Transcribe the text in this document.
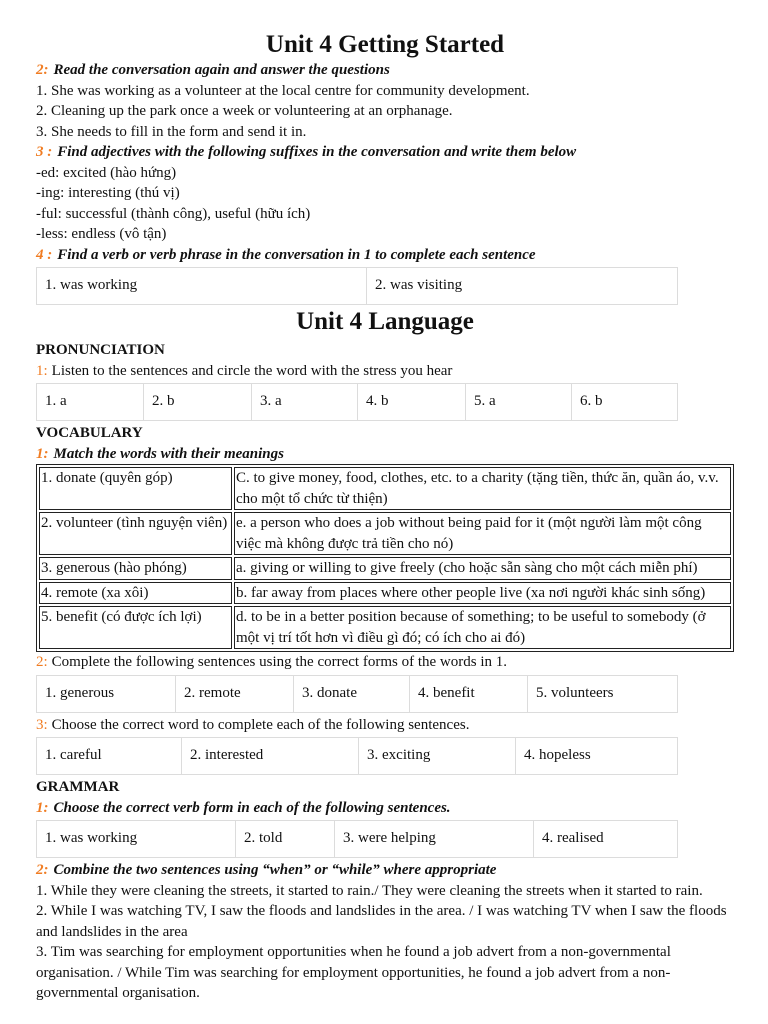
Unit 4 Getting Started

2: Read the conversation again and answer the questions

1. She was working as a volunteer at the local centre for community development.

2. Cleaning up the park once a week or volunteering at an orphanage.

3. She needs to fill in the form and send it in.

3 : Find adjectives with the following suffixes in the conversation and write them below

-ed: excited (hào hứng)

-ing: interesting (thú vị)

-ful: successful (thành công), useful (hữu ích)

-less: endless (vô tận)

4 : Find a verb or verb phrase in the conversation in 1 to complete each sentence

1. was working	2. was visiting
Unit 4 Language

PRONUNCIATION

1: Listen to the sentences and circle the word with the stress you hear

1. a	2. b	3. a	4. b	5. a	6. b

VOCABULARY

1: Match the words with their meanings

1. donate (quyên góp)	C. to give money, food, clothes, etc. to a charity (tặng tiền, thức ăn, quần áo, v.v. cho một tổ chức từ thiện)
2. volunteer (tình nguyện viên)	e. a person who does a job without being paid for it (một người làm một công việc mà không được trả tiền cho nó)
3. generous (hào phóng)	a. giving or willing to give freely (cho hoặc sẵn sàng cho một cách miễn phí)
4. remote (xa xôi)	b. far away from places where other people live (xa nơi người khác sinh sống)
5. benefit (có được ích lợi)	d. to be in a better position because of something; to be useful to somebody (ở một vị trí tốt hơn vì điều gì đó; có ích cho ai đó)

2: Complete the following sentences using the correct forms of the words in 1.

1. generous	2. remote	3. donate	4. benefit	5. volunteers

3: Choose the correct word to complete each of the following sentences.

1. careful	2. interested	3. exciting	4. hopeless

GRAMMAR

1: Choose the correct verb form in each of the following sentences.

1. was working	2. told	3. were helping	4. realised

2: Combine the two sentences using “when” or “while” where appropriate

1. While they were cleaning the streets, it started to rain./ They were cleaning the streets when it started to rain.

2. While I was watching TV, I saw the floods and landslides in the area. / I was watching TV when I saw the floods and landslides in the area

3. Tim was searching for employment opportunities when he found a job advert from a non-governmental organisation. / While Tim was searching for employment opportunities, he found a job advert from a non-governmental organisation.
